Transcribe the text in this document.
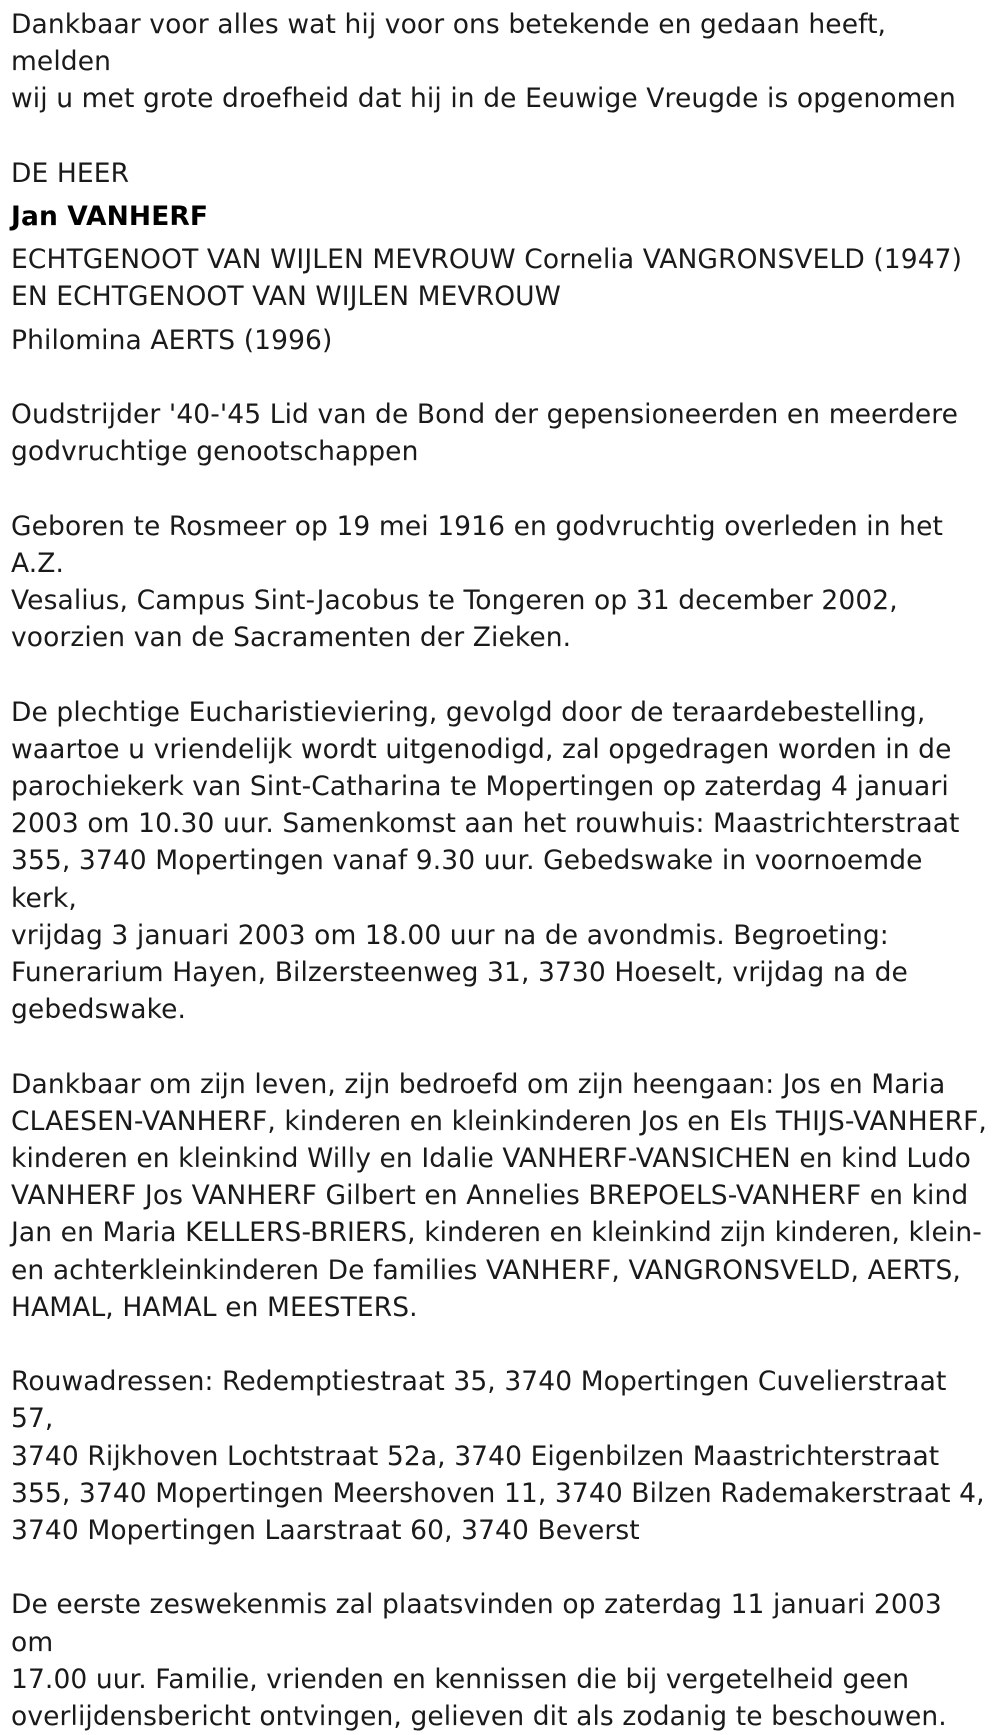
Dankbaar voor alles wat hij voor ons betekende en gedaan heeft, melden
wij u met grote droefheid dat hij in de Eeuwige Vreugde is opgenomen

DE HEER

Jan VANHERF

ECHTGENOOT VAN WIJLEN MEVROUW Cornelia VANGRONSVELD (1947)
EN ECHTGENOOT VAN WIJLEN MEVROUW

Philomina AERTS (1996)

Oudstrijder '40-'45 Lid van de Bond der gepensioneerden en meerdere
godvruchtige genootschappen

Geboren te Rosmeer op 19 mei 1916 en godvruchtig overleden in het A.Z.
Vesalius, Campus Sint-Jacobus te Tongeren op 31 december 2002,
voorzien van de Sacramenten der Zieken.

De plechtige Eucharistieviering, gevolgd door de teraardebestelling,
waartoe u vriendelijk wordt uitgenodigd, zal opgedragen worden in de
parochiekerk van Sint-Catharina te Mopertingen op zaterdag 4 januari
2003 om 10.30 uur. Samenkomst aan het rouwhuis: Maastrichterstraat
355, 3740 Mopertingen vanaf 9.30 uur. Gebedswake in voornoemde kerk,
vrijdag 3 januari 2003 om 18.00 uur na de avondmis. Begroeting:
Funerarium Hayen, Bilzersteenweg 31, 3730 Hoeselt, vrijdag na de
gebedswake.

Dankbaar om zijn leven, zijn bedroefd om zijn heengaan: Jos en Maria
CLAESEN-VANHERF, kinderen en kleinkinderen Jos en Els THIJS-VANHERF,
kinderen en kleinkind Willy en Idalie VANHERF-VANSICHEN en kind Ludo
VANHERF Jos VANHERF Gilbert en Annelies BREPOELS-VANHERF en kind
Jan en Maria KELLERS-BRIERS, kinderen en kleinkind zijn kinderen, klein-
en achterkleinkinderen De families VANHERF, VANGRONSVELD, AERTS,
HAMAL, HAMAL en MEESTERS.

Rouwadressen: Redemptiestraat 35, 3740 Mopertingen Cuvelierstraat 57,
3740 Rijkhoven Lochtstraat 52a, 3740 Eigenbilzen Maastrichterstraat
355, 3740 Mopertingen Meershoven 11, 3740 Bilzen Rademakerstraat 4,
3740 Mopertingen Laarstraat 60, 3740 Beverst

De eerste zeswekenmis zal plaatsvinden op zaterdag 11 januari 2003 om
17.00 uur. Familie, vrienden en kennissen die bij vergetelheid geen
overlijdensbericht ontvingen, gelieven dit als zodanig te beschouwen.
